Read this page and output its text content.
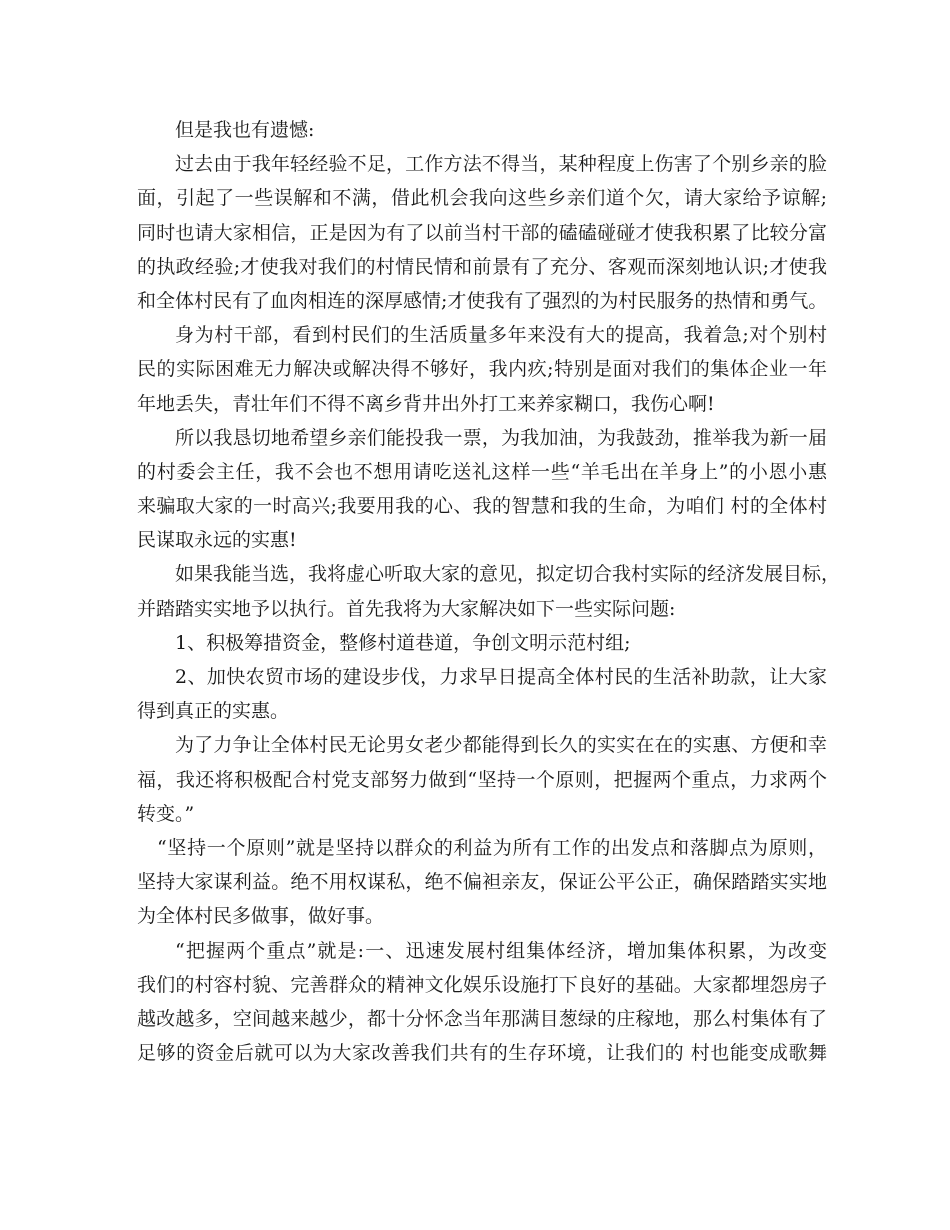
但是我也有遗憾:
过去由于我年轻经验不足，工作方法不得当，某种程度上伤害了个别乡亲的脸
面，引起了一些误解和不满，借此机会我向这些乡亲们道个欠，请大家给予谅解;
同时也请大家相信，正是因为有了以前当村干部的磕磕碰碰才使我积累了比较分富
的执政经验;才使我对我们的村情民情和前景有了充分、客观而深刻地认识;才使我
和全体村民有了血肉相连的深厚感情;才使我有了强烈的为村民服务的热情和勇气。
身为村干部，看到村民们的生活质量多年来没有大的提高，我着急;对个别村
民的实际困难无力解决或解决得不够好，我内疚;特别是面对我们的集体企业一年
年地丢失，青壮年们不得不离乡背井出外打工来养家糊口，我伤心啊!
所以我恳切地希望乡亲们能投我一票，为我加油，为我鼓劲，推举我为新一届
的村委会主任，我不会也不想用请吃送礼这样一些“羊毛出在羊身上”的小恩小惠
来骗取大家的一时高兴;我要用我的心、我的智慧和我的生命，为咱们 村的全体村
民谋取永远的实惠!
如果我能当选，我将虚心听取大家的意见，拟定切合我村实际的经济发展目标，
并踏踏实实地予以执行。首先我将为大家解决如下一些实际问题:
1、积极筹措资金，整修村道巷道，争创文明示范村组;
2、加快农贸市场的建设步伐，力求早日提高全体村民的生活补助款，让大家
得到真正的实惠。
为了力争让全体村民无论男女老少都能得到长久的实实在在的实惠、方便和幸
福，我还将积极配合村党支部努力做到“坚持一个原则，把握两个重点，力求两个
转变。”
“坚持一个原则”就是坚持以群众的利益为所有工作的出发点和落脚点为原则，
坚持大家谋利益。绝不用权谋私，绝不偏袒亲友，保证公平公正，确保踏踏实实地
为全体村民多做事，做好事。
“把握两个重点”就是:一、迅速发展村组集体经济，增加集体积累，为改变
我们的村容村貌、完善群众的精神文化娱乐设施打下良好的基础。大家都埋怨房子
越改越多，空间越来越少，都十分怀念当年那满目葱绿的庄稼地，那么村集体有了
足够的资金后就可以为大家改善我们共有的生存环境，让我们的 村也能变成歌舞
